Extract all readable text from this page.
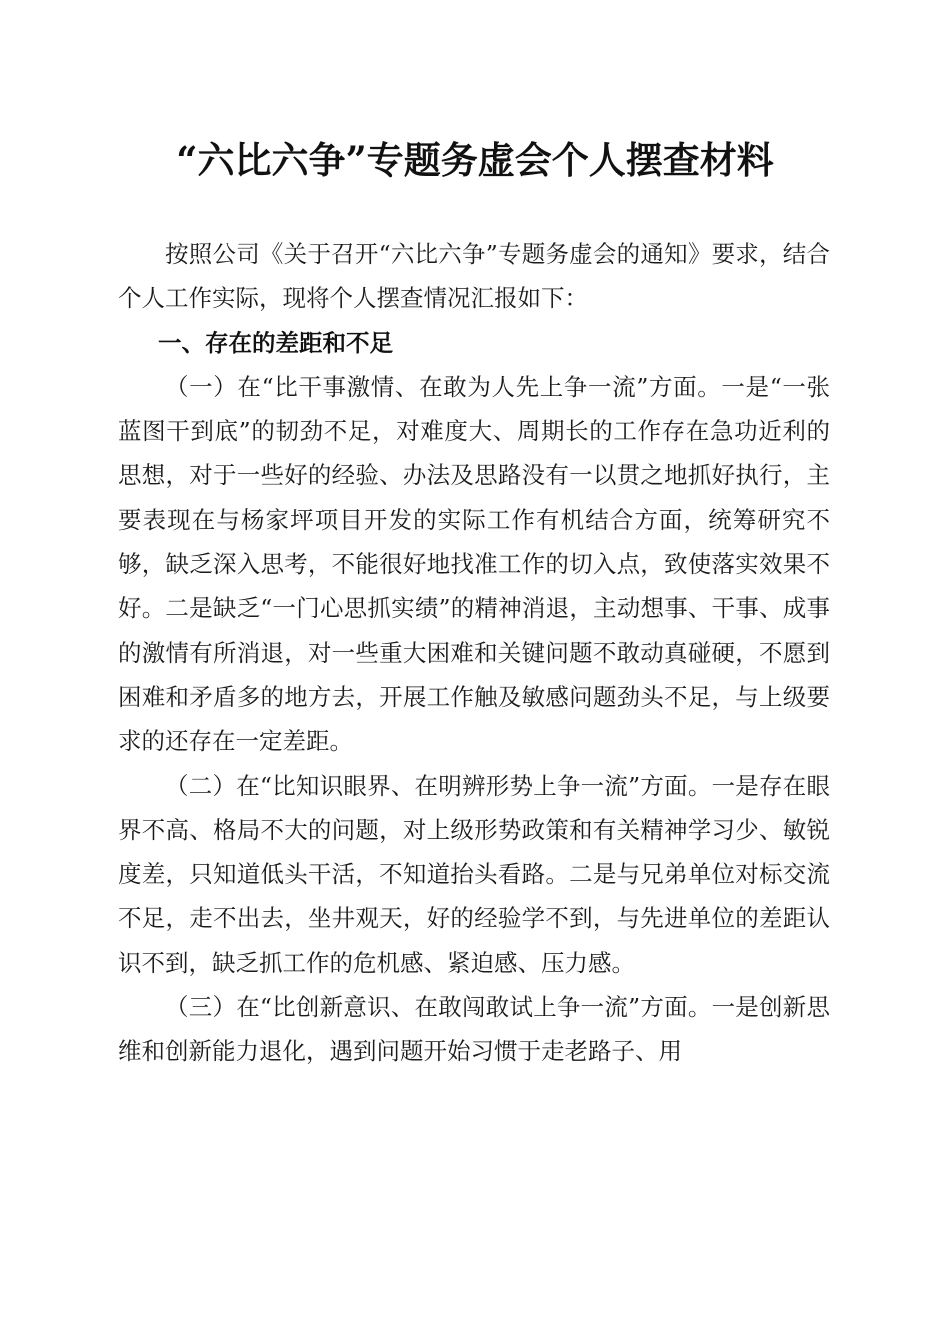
“六比六争”专题务虚会个人摆查材料

按照公司《关于召开“六比六争”专题务虚会的通知》要求，结合个人工作实际，现将个人摆查情况汇报如下：

一、存在的差距和不足

（一）在“比干事激情、在敢为人先上争一流”方面。一是“一张蓝图干到底”的韧劲不足，对难度大、周期长的工作存在急功近利的思想，对于一些好的经验、办法及思路没有一以贯之地抓好执行，主要表现在与杨家坪项目开发的实际工作有机结合方面，统筹研究不够，缺乏深入思考，不能很好地找准工作的切入点，致使落实效果不好。二是缺乏“一门心思抓实绩”的精神消退，主动想事、干事、成事的激情有所消退，对一些重大困难和关键问题不敢动真碰硬，不愿到困难和矛盾多的地方去，开展工作触及敏感问题劲头不足，与上级要求的还存在一定差距。

（二）在“比知识眼界、在明辨形势上争一流”方面。一是存在眼界不高、格局不大的问题，对上级形势政策和有关精神学习少、敏锐度差，只知道低头干活，不知道抬头看路。二是与兄弟单位对标交流不足，走不出去，坐井观天，好的经验学不到，与先进单位的差距认识不到，缺乏抓工作的危机感、紧迫感、压力感。

（三）在“比创新意识、在敢闯敢试上争一流”方面。一是创新思维和创新能力退化，遇到问题开始习惯于走老路子、用
